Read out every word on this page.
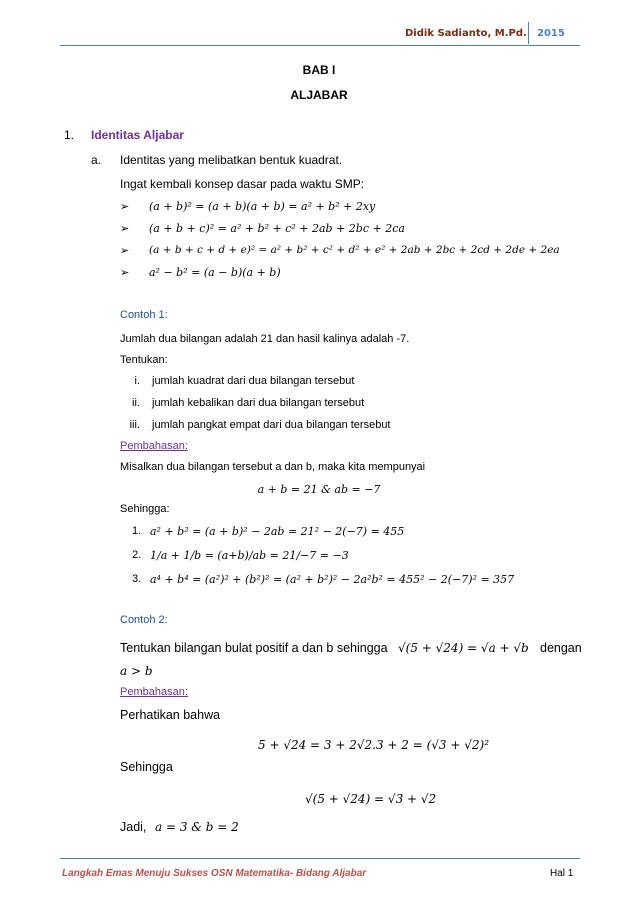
Didik Sadianto, M.Pd. 2015
BAB I
ALJABAR
1. Identitas Aljabar
a. Identitas yang melibatkan bentuk kuadrat.
Ingat kembali konsep dasar pada waktu SMP:
➢ (a + b)² = (a + b)(a + b) = a² + b² + 2xy
➢ (a + b + c)² = a² + b² + c² + 2ab + 2bc + 2ca
➢ (a + b + c + d + e)² = a² + b² + c² + d² + e² + 2ab + 2bc + 2cd + 2de + 2ea
➢ a² − b² = (a − b)(a + b)
Contoh 1:
Jumlah dua bilangan adalah 21 dan hasil kalinya adalah -7.
Tentukan:
i. jumlah kuadrat dari dua bilangan tersebut
ii. jumlah kebalikan dari dua bilangan tersebut
iii. jumlah pangkat empat dari dua bilangan tersebut
Pembahasan:
Misalkan dua bilangan tersebut a dan b, maka kita mempunyai
a + b = 21 & ab = −7
Sehingga:
1. a² + b² = (a + b)² − 2ab = 21² − 2(−7) = 455
2. 1/a + 1/b = (a+b)/ab = 21/−7 = −3
3. a⁴ + b⁴ = (a²)² + (b²)² = (a² + b²)² − 2a²b² = 455² − 2(−7)² = 357
Contoh 2:
Tentukan bilangan bulat positif a dan b sehingga √(5 + √24) = √a + √b dengan
a > b
Pembahasan:
Perhatikan bahwa
5 + √24 = 3 + 2√2.3 + 2 = (√3 + √2)²
Sehingga
√(5 + √24) = √3 + √2
Jadi, a = 3 & b = 2
Langkah Emas Menuju Sukses OSN Matematika- Bidang Aljabar	Hal 1
